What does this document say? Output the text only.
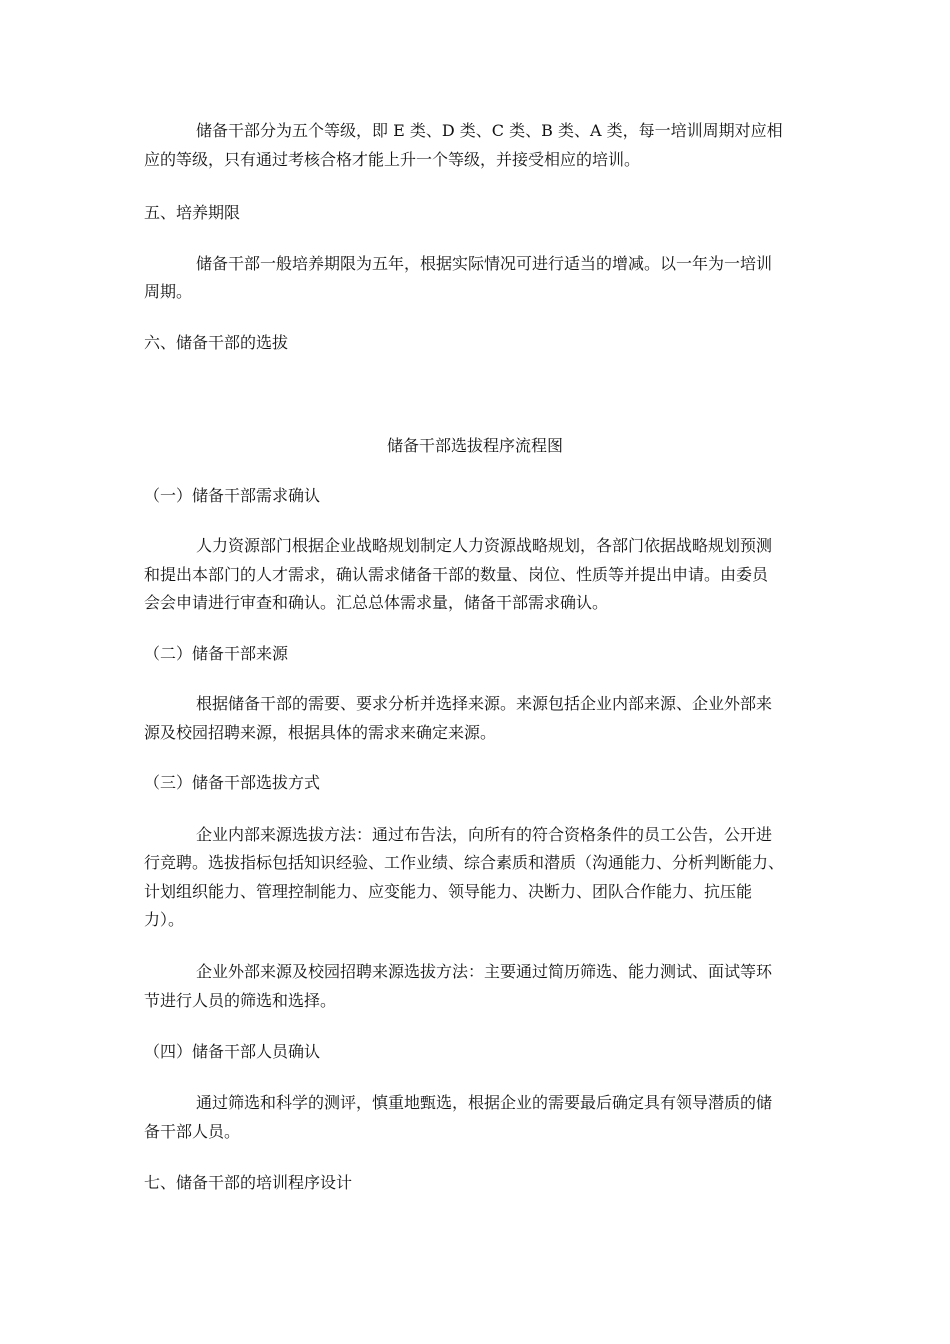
储备干部分为五个等级，即 E 类、D 类、C 类、B 类、A 类，每一培训周期对应相
应的等级，只有通过考核合格才能上升一个等级，并接受相应的培训。
五、培养期限
储备干部一般培养期限为五年，根据实际情况可进行适当的增减。以一年为一培训
周期。
六、储备干部的选拔
储备干部选拔程序流程图
（一）储备干部需求确认
人力资源部门根据企业战略规划制定人力资源战略规划，各部门依据战略规划预测
和提出本部门的人才需求，确认需求储备干部的数量、岗位、性质等并提出申请。由委员
会会申请进行审查和确认。汇总总体需求量，储备干部需求确认。
（二）储备干部来源
根据储备干部的需要、要求分析并选择来源。来源包括企业内部来源、企业外部来
源及校园招聘来源，根据具体的需求来确定来源。
（三）储备干部选拔方式
企业内部来源选拔方法：通过布告法，向所有的符合资格条件的员工公告，公开进
行竞聘。选拔指标包括知识经验、工作业绩、综合素质和潜质（沟通能力、分析判断能力、
计划组织能力、管理控制能力、应变能力、领导能力、决断力、团队合作能力、抗压能
力）。
企业外部来源及校园招聘来源选拔方法：主要通过简历筛选、能力测试、面试等环
节进行人员的筛选和选择。
（四）储备干部人员确认
通过筛选和科学的测评，慎重地甄选，根据企业的需要最后确定具有领导潜质的储
备干部人员。
七、储备干部的培训程序设计
